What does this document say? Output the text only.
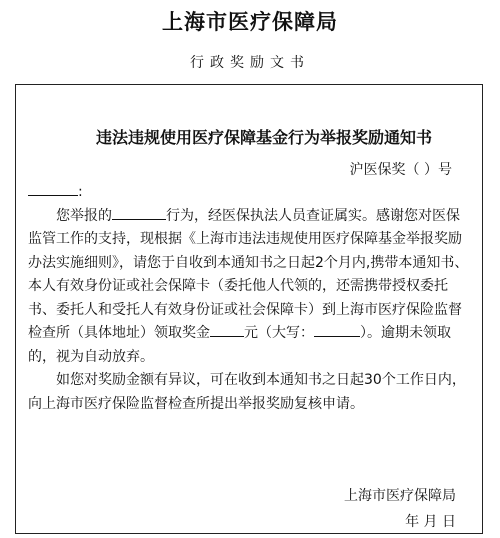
上海市医疗保障局
行政奖励文书
违法违规使用医疗保障基金行为举报奖励通知书
沪医保奖（ ）号

:

您举报的	行为，经医保执法人员查证属实。感谢您对医保监管工作的支持，现根据《上海市违法违规使用医疗保障基金举报奖励办法实施细则》，请您于自收到本通知书之日起2个月内,携带本通知书、本人有效身份证或社会保障卡（委托他人代领的，还需携带授权委托书、委托人和受托人有效身份证或社会保障卡）到上海市医疗保险监督检查所（具体地址）领取奖金 元（大写：	）。逾期未领取的，视为自动放弃。

如您对奖励金额有异议，可在收到本通知书之日起30个工作日内，向上海市医疗保险监督检查所提出举报奖励复核申请。

上海市医疗保障局
年 月 日
